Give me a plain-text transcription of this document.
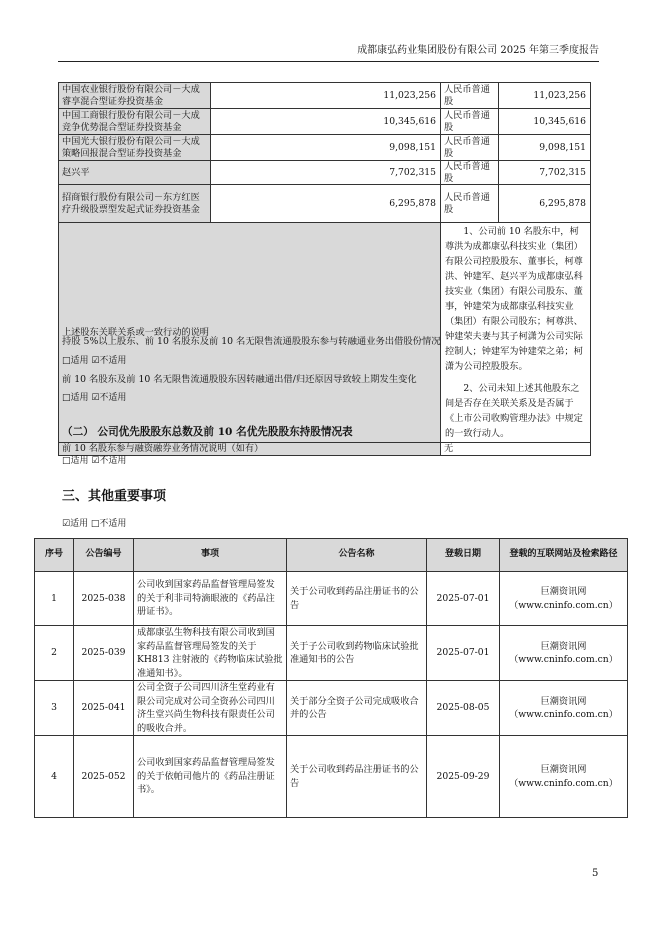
成都康弘药业集团股份有限公司 2025 年第三季度报告
中国农业银行股份有限公司－大成睿享混合型证券投资基金	11,023,256	人民币普通股	11,023,256
中国工商银行股份有限公司－大成竞争优势混合型证券投资基金	10,345,616	人民币普通股	10,345,616
中国光大银行股份有限公司－大成策略回报混合型证券投资基金	9,098,151	人民币普通股	9,098,151
赵兴平	7,702,315	人民币普通股	7,702,315
招商银行股份有限公司－东方红医疗升级股票型发起式证券投资基金	6,295,878	人民币普通股	6,295,878
上述股东关联关系或一致行动的说明		1、公司前 10 名股东中，柯尊洪为成都康弘科技实业（集团）有限公司控股股东、董事长，柯尊洪、钟建军、赵兴平为成都康弘科技实业（集团）有限公司股东、董事，钟建荣为成都康弘科技实业（集团）有限公司股东；柯尊洪、钟建荣夫妻与其子柯潇为公司实际控制人；钟建军为钟建荣之弟；柯潇为公司控股股东。

2、公司未知上述其他股东之间是否存在关联关系及是否属于《上市公司收购管理办法》中规定的一致行动人。	

前 10 名股东参与融资融券业务情况说明（如有）		无	
持股 5%以上股东、前 10 名股东及前 10 名无限售流通股股东参与转融通业务出借股份情况
□适用 ☑不适用
前 10 名股东及前 10 名无限售流通股股东因转融通出借/归还原因导致较上期发生变化
□适用 ☑不适用
（二） 公司优先股股东总数及前 10 名优先股股东持股情况表
□适用 ☑不适用
三、其他重要事项
☑适用 □不适用
序号	公告编号	事项	公告名称	登载日期	登载的互联网站及检索路径
1	2025-038	公司收到国家药品监督管理局签发的关于利非司特滴眼液的《药品注册证书》。	关于公司收到药品注册证书的公告	2025-07-01	巨潮资讯网
（www.cninfo.com.cn）

2	2025-039	成都康弘生物科技有限公司收到国家药品监督管理局签发的关于 KH813 注射液的《药物临床试验批准通知书》。	关于子公司收到药物临床试验批准通知书的公告	2025-07-01	巨潮资讯网
（www.cninfo.com.cn）

3	2025-041	公司全资子公司四川济生堂药业有限公司完成对公司全资孙公司四川济生堂兴尚生物科技有限责任公司的吸收合并。	关于部分全资子公司完成吸收合并的公告	2025-08-05	巨潮资讯网
（www.cninfo.com.cn）

4	2025-052	公司收到国家药品监督管理局签发的关于依帕司他片的《药品注册证书》。	关于公司收到药品注册证书的公告	2025-09-29	巨潮资讯网
（www.cninfo.com.cn）
5
